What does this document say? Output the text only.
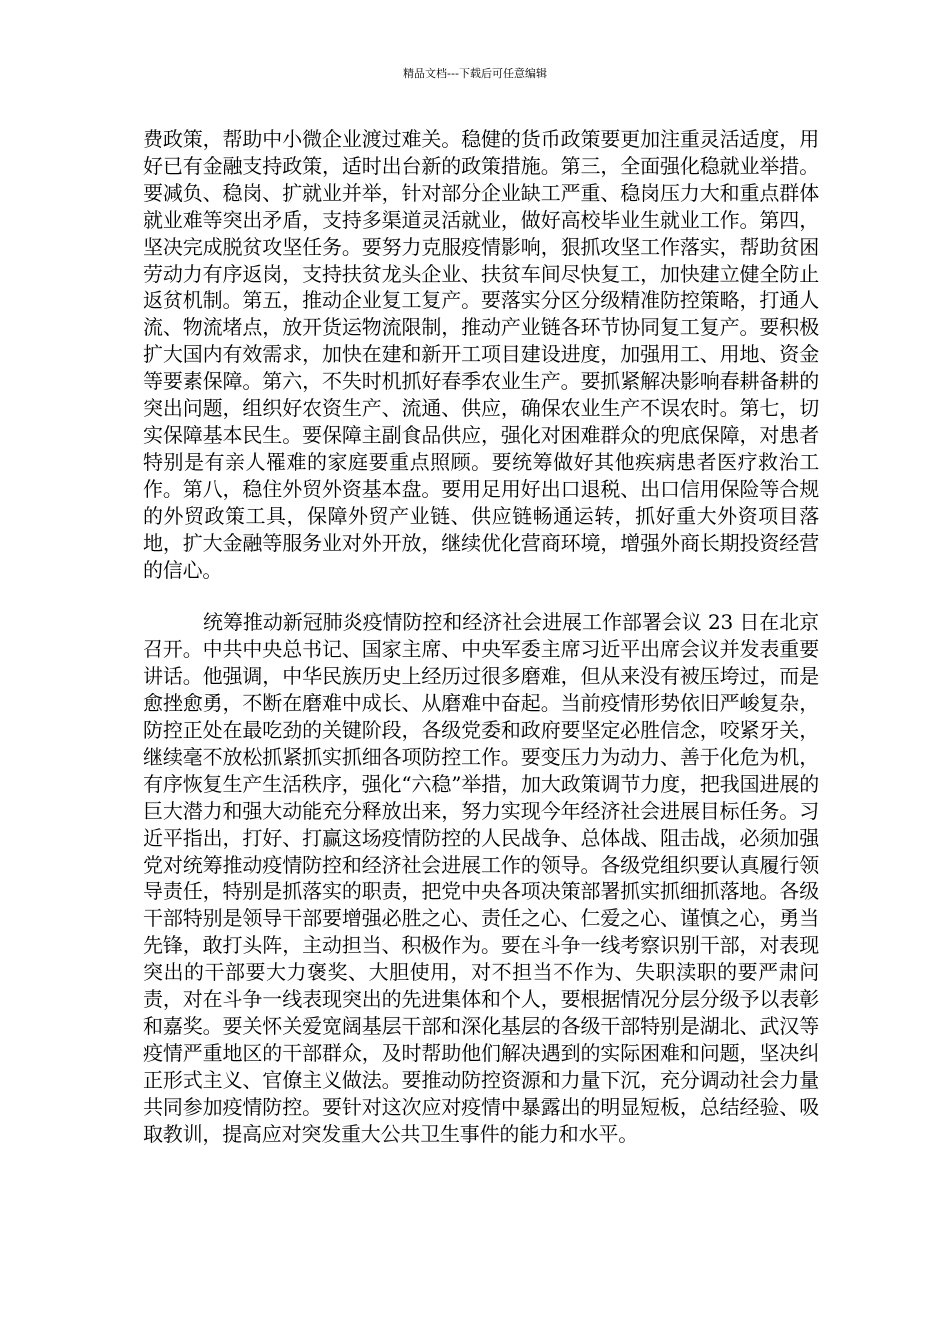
精品文档---下载后可任意编辑

费政策，帮助中小微企业渡过难关。稳健的货币政策要更加注重灵活适度，用好已有金融支持政策，适时出台新的政策措施。第三，全面强化稳就业举措。要减负、稳岗、扩就业并举，针对部分企业缺工严重、稳岗压力大和重点群体就业难等突出矛盾，支持多渠道灵活就业，做好高校毕业生就业工作。第四，坚决完成脱贫攻坚任务。要努力克服疫情影响，狠抓攻坚工作落实，帮助贫困劳动力有序返岗，支持扶贫龙头企业、扶贫车间尽快复工，加快建立健全防止返贫机制。第五，推动企业复工复产。要落实分区分级精准防控策略，打通人流、物流堵点，放开货运物流限制，推动产业链各环节协同复工复产。要积极扩大国内有效需求，加快在建和新开工项目建设进度，加强用工、用地、资金等要素保障。第六，不失时机抓好春季农业生产。要抓紧解决影响春耕备耕的突出问题，组织好农资生产、流通、供应，确保农业生产不误农时。第七，切实保障基本民生。要保障主副食品供应，强化对困难群众的兜底保障，对患者特别是有亲人罹难的家庭要重点照顾。要统筹做好其他疾病患者医疗救治工作。第八，稳住外贸外资基本盘。要用足用好出口退税、出口信用保险等合规的外贸政策工具，保障外贸产业链、供应链畅通运转，抓好重大外资项目落地，扩大金融等服务业对外开放，继续优化营商环境，增强外商长期投资经营的信心。

统筹推动新冠肺炎疫情防控和经济社会进展工作部署会议 23 日在北京召开。中共中央总书记、国家主席、中央军委主席习近平出席会议并发表重要讲话。他强调，中华民族历史上经历过很多磨难，但从来没有被压垮过，而是愈挫愈勇，不断在磨难中成长、从磨难中奋起。当前疫情形势依旧严峻复杂，防控正处在最吃劲的关键阶段，各级党委和政府要坚定必胜信念，咬紧牙关，继续毫不放松抓紧抓实抓细各项防控工作。要变压力为动力、善于化危为机，有序恢复生产生活秩序，强化“六稳”举措，加大政策调节力度，把我国进展的巨大潜力和强大动能充分释放出来，努力实现今年经济社会进展目标任务。习近平指出，打好、打赢这场疫情防控的人民战争、总体战、阻击战，必须加强党对统筹推动疫情防控和经济社会进展工作的领导。各级党组织要认真履行领导责任，特别是抓落实的职责，把党中央各项决策部署抓实抓细抓落地。各级干部特别是领导干部要增强必胜之心、责任之心、仁爱之心、谨慎之心，勇当先锋，敢打头阵，主动担当、积极作为。要在斗争一线考察识别干部，对表现突出的干部要大力褒奖、大胆使用，对不担当不作为、失职渎职的要严肃问责，对在斗争一线表现突出的先进集体和个人，要根据情况分层分级予以表彰和嘉奖。要关怀关爱宽阔基层干部和深化基层的各级干部特别是湖北、武汉等疫情严重地区的干部群众，及时帮助他们解决遇到的实际困难和问题，坚决纠正形式主义、官僚主义做法。要推动防控资源和力量下沉，充分调动社会力量共同参加疫情防控。要针对这次应对疫情中暴露出的明显短板，总结经验、吸取教训，提高应对突发重大公共卫生事件的能力和水平。
